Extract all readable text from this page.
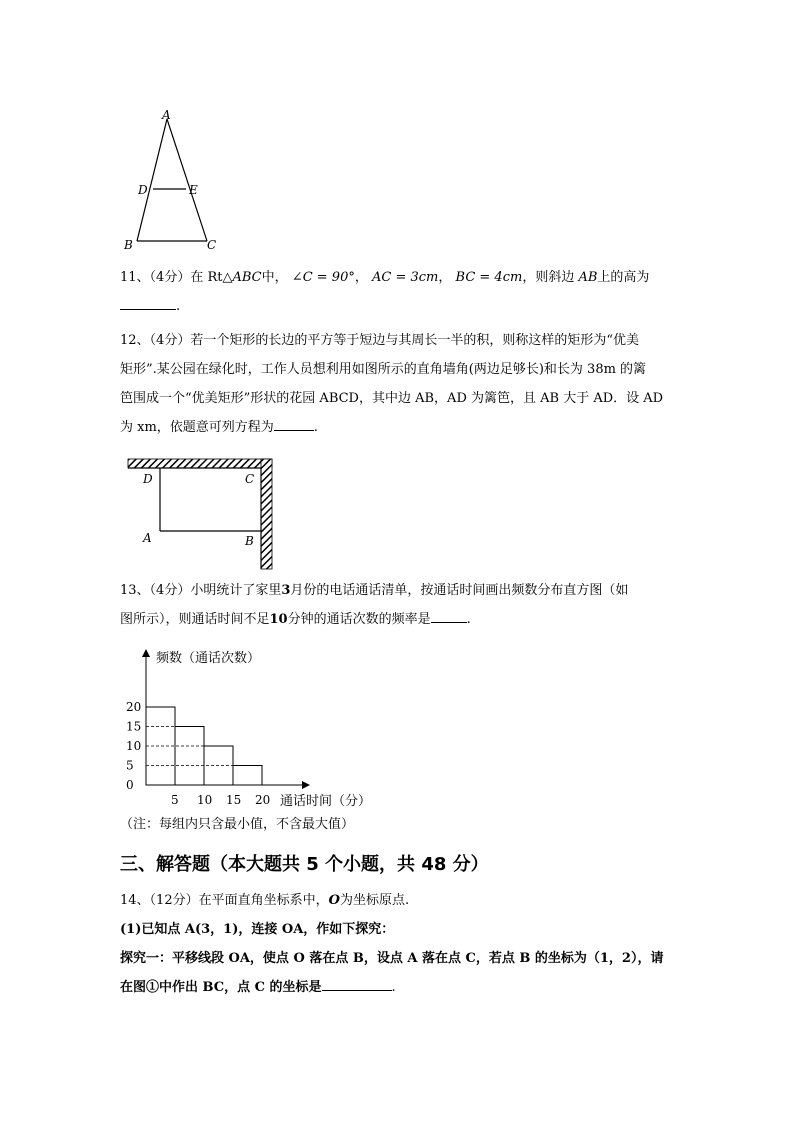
A
D	E
B	C
11、（4分）在 Rt△ABC中， ∠C = 90°， AC = 3cm， BC = 4cm，则斜边 AB上的高为
.
12、（4分）若一个矩形的长边的平方等于短边与其周长一半的积，则称这样的矩形为“优美
矩形”.某公园在绿化时，工作人员想利用如图所示的直角墙角(两边足够长)和长为 38m 的篱
笆围成一个“优美矩形”形状的花园 ABCD，其中边 AB，AD 为篱笆，且 AB 大于 AD．设 AD
为 xm，依题意可列方程为	.
D	C
A	B
13、（4分）小明统计了家里3月份的电话通话清单，按通话时间画出频数分布直方图（如
图所示），则通话时间不足10分钟的通话次数的频率是	.
频数（通话次数）
通话时间（分）
0
5
10
15
20
5 10 15 20
（注：每组内只含最小值，不含最大值）
三、解答题（本大题共 5 个小题，共 48 分）
14、（12分）在平面直角坐标系中，O为坐标原点.
(1)已知点 A(3，1)，连接 OA，作如下探究：
探究一：平移线段 OA，使点 O 落在点 B，设点 A 落在点 C，若点 B 的坐标为（1，2），请
在图①中作出 BC，点 C 的坐标是	.
